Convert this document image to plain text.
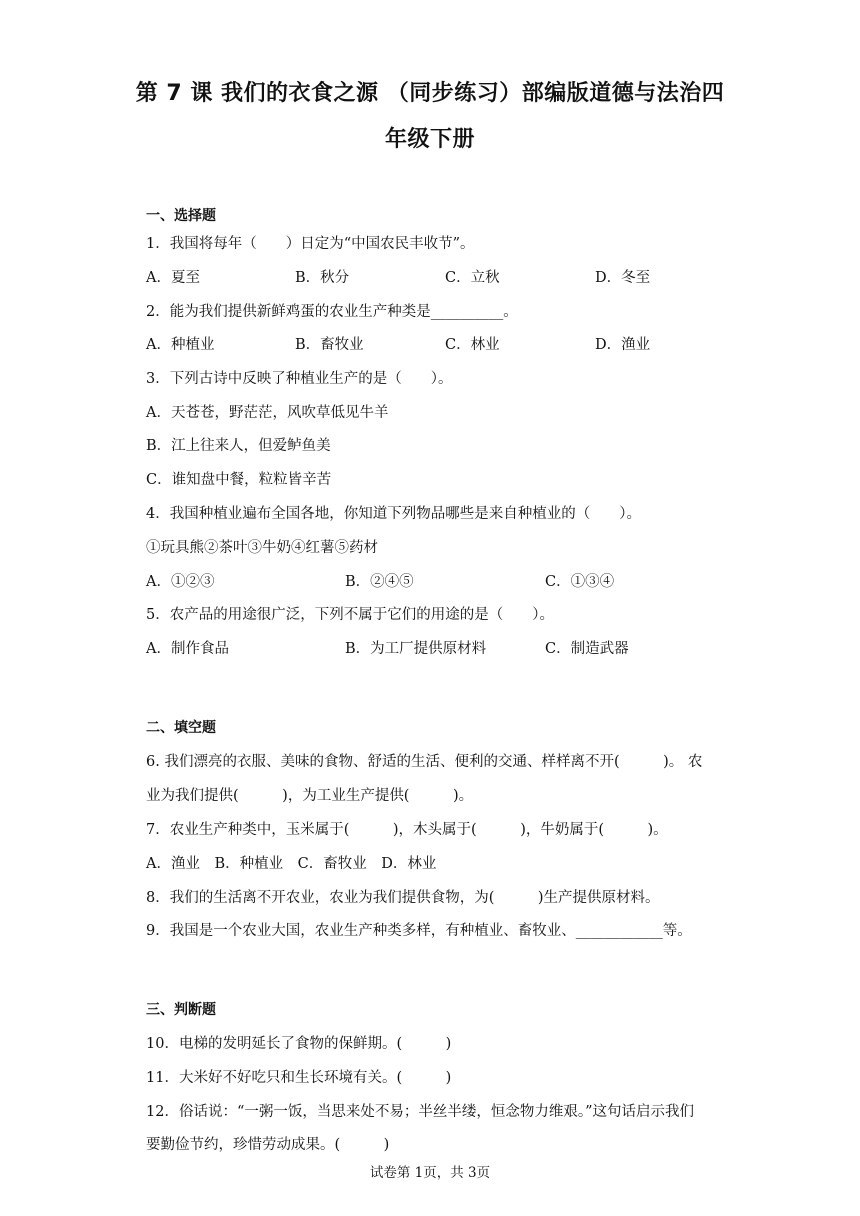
第 7 课 我们的衣食之源 （同步练习）部编版道德与法治四
年级下册
一、选择题
1．我国将每年（　　）日定为“中国农民丰收节”。
A．夏至	B．秋分	C．立秋	D．冬至
2．能为我们提供新鲜鸡蛋的农业生产种类是__________。
A．种植业	B．畜牧业	C．林业	D．渔业
3．下列古诗中反映了种植业生产的是（　　）。
A．天苍苍，野茫茫，风吹草低见牛羊
B．江上往来人，但爱鲈鱼美
C．谁知盘中餐，粒粒皆辛苦
4．我国种植业遍布全国各地，你知道下列物品哪些是来自种植业的（　　）。
①玩具熊②茶叶③牛奶④红薯⑤药材
A．①②③	B．②④⑤	C．①③④
5．农产品的用途很广泛，下列不属于它们的用途的是（　　）。
A．制作食品	B．为工厂提供原材料	C．制造武器
二、填空题
6. 我们漂亮的衣服、美味的食物、舒适的生活、便利的交通、样样离不开(　　　)。 农
业为我们提供(　　　)，为工业生产提供(　　　)。
7．农业生产种类中，玉米属于(　　　)，木头属于(　　　)，牛奶属于(　　　)。
A．渔业　B．种植业　C．畜牧业　D．林业
8．我们的生活离不开农业，农业为我们提供食物，为(　　　)生产提供原材料。
9．我国是一个农业大国，农业生产种类多样，有种植业、畜牧业、____________等。
三、判断题
10．电梯的发明延长了食物的保鲜期。(　　　)
11．大米好不好吃只和生长环境有关。(　　　)
12．俗话说：“一粥一饭，当思来处不易；半丝半缕，恒念物力维艰。”这句话启示我们
要勤俭节约，珍惜劳动成果。(　　　)
试卷第 1页，共 3页
